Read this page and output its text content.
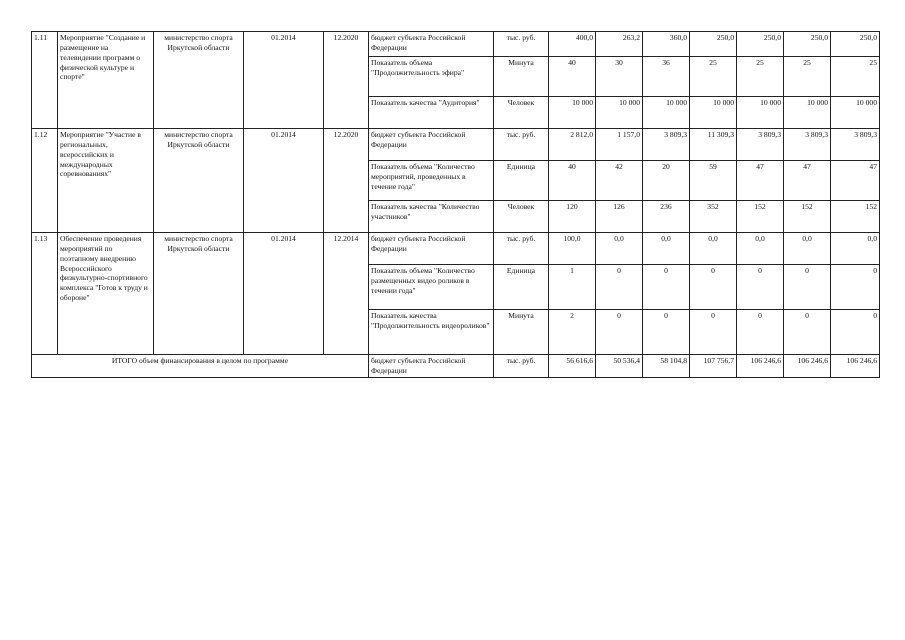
1.11	Мероприятие "Создание и размещение на телевидении программ о физической культуре и спорте"	министерство спорта Иркутской области	01.2014	12.2020	бюджет субъекта Российской Федерации	тыс. руб.	400,0	263,2	360,0	250,0	250,0	250,0	250,0
					Показатель объема "Продолжительность эфира"	Минута	40	30	36	25	25	25	25
					Показатель качества "Аудитория"	Человек	10 000	10 000	10 000	10 000	10 000	10 000	10 000
1.12	Мероприятие "Участие в региональных, всероссийских и международных соревнованиях"	министерство спорта Иркутской области	01.2014	12.2020	бюджет субъекта Российской Федерации	тыс. руб.	2 812,0	1 157,0	3 809,3	11 309,3	3 809,3	3 809,3	3 809,3
					Показатель объема "Количество мероприятий, проведенных в течение года"	Единица	40	42	20	59	47	47	47
					Показатель качества "Количество участников"	Человек	120	126	236	352	152	152	152
1.13	Обеспечение проведения мероприятий по поэтапному внедрению Всероссийского физкультурно-спортивного комплекса "Готов к труду и обороне"	министерство спорта Иркутской области	01.2014	12.2014	бюджет субъекта Российской Федерации	тыс. руб.	100,0	0,0	0,0	0,0	0,0	0,0	0,0
					Показатель объема "Количество размещенных видео роликов в течении года"	Единица	1	0	0	0	0	0	0
					Показатель качества "Продолжительность видеороликов"	Минута	2	0	0	0	0	0	0
ИТОГО объем финансирования в целом по программе					бюджет субъекта Российской Федерации	тыс. руб.	56 616,6	50 536,4	58 104,8	107 756,7	106 246,6	106 246,6	106 246,6
